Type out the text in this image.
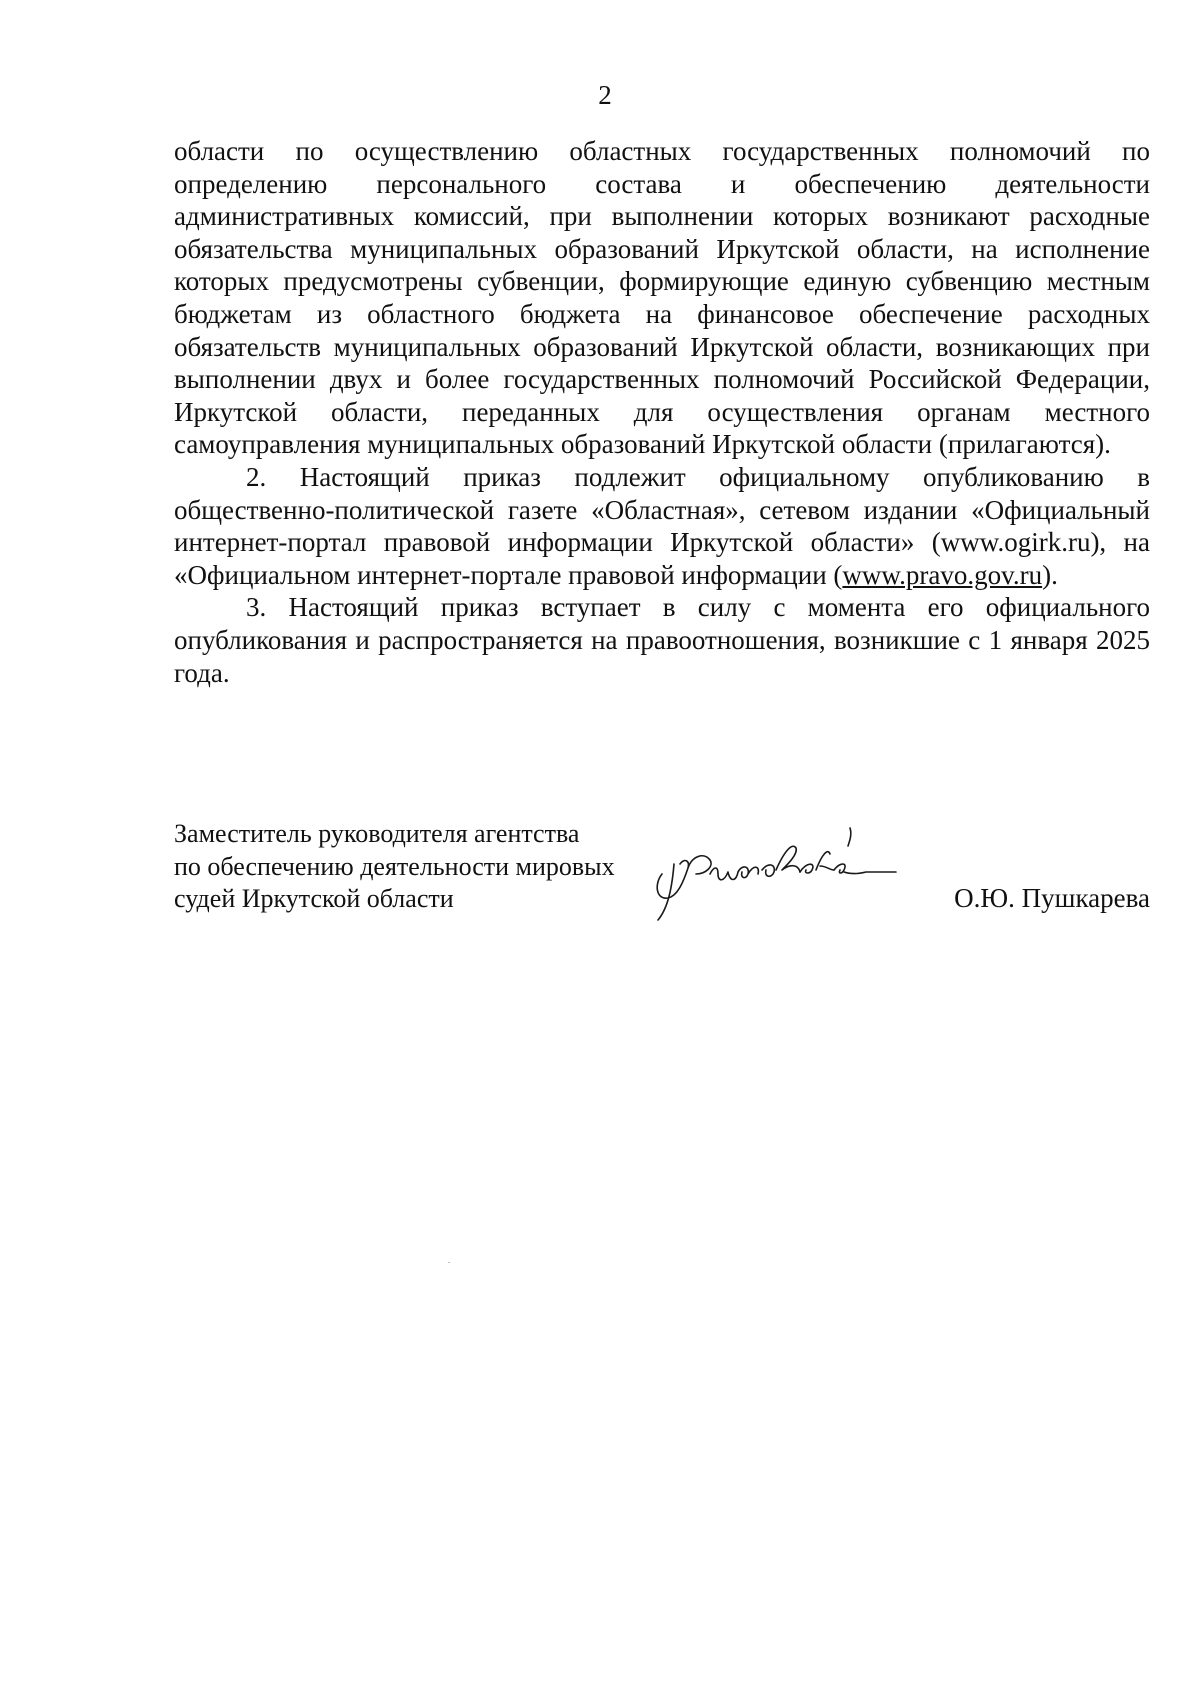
2

области по осуществлению областных государственных полномочий по определению персонального состава и обеспечению деятельности административных комиссий, при выполнении которых возникают расходные обязательства муниципальных образований Иркутской области, на исполнение которых предусмотрены субвенции, формирующие единую субвенцию местным бюджетам из областного бюджета на финансовое обеспечение расходных обязательств муниципальных образований Иркутской области, возникающих при выполнении двух и более государственных полномочий Российской Федерации, Иркутской области, переданных для осуществления органам местного самоуправления муниципальных образований Иркутской области (прилагаются).

2. Настоящий приказ подлежит официальному опубликованию в общественно-политической газете «Областная», сетевом издании «Официальный интернет-портал правовой информации Иркутской области» (www.ogirk.ru), на «Официальном интернет-портале правовой информации (www.pravo.gov.ru).

3. Настоящий приказ вступает в силу с момента его официального опубликования и распространяется на правоотношения, возникшие с 1 января 2025 года.

Заместитель руководителя агентства
по обеспечению деятельности мировых
судей Иркутской области	О.Ю. Пушкарева
